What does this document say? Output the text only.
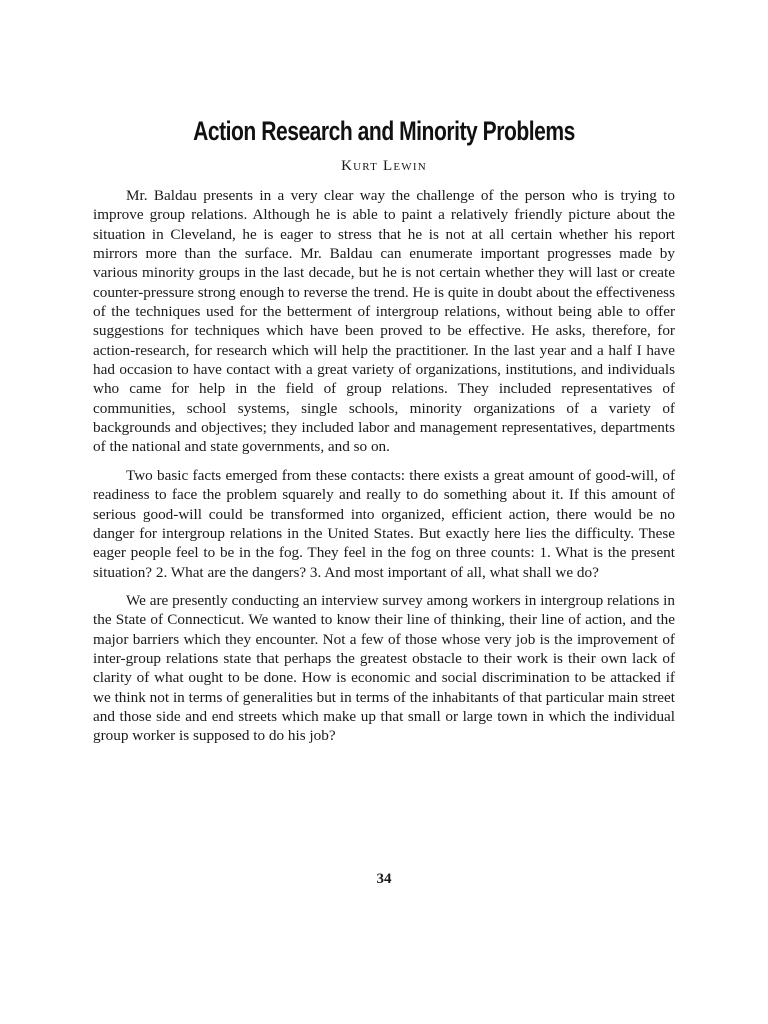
Action Research and Minority Problems
Kurt Lewin

Mr. Baldau presents in a very clear way the challenge of the person who is trying to improve group relations. Although he is able to paint a relatively friendly picture about the situation in Cleveland, he is eager to stress that he is not at all certain whether his report mirrors more than the surface. Mr. Baldau can enumerate important progresses made by various minority groups in the last decade, but he is not certain whether they will last or create counter-pressure strong enough to reverse the trend. He is quite in doubt about the effectiveness of the techniques used for the betterment of intergroup relations, without being able to offer suggestions for techniques which have been proved to be effective. He asks, therefore, for action-research, for research which will help the practitioner. In the last year and a half I have had occasion to have contact with a great variety of organizations, institutions, and individuals who came for help in the field of group relations. They included representatives of communities, school systems, single schools, minority organizations of a variety of backgrounds and objectives; they included labor and management representatives, departments of the national and state governments, and so on.

Two basic facts emerged from these contacts: there exists a great amount of good-will, of readiness to face the problem squarely and really to do something about it. If this amount of serious good-will could be transformed into organized, efficient action, there would be no danger for intergroup relations in the United States. But exactly here lies the difficulty. These eager people feel to be in the fog. They feel in the fog on three counts: 1. What is the present situation? 2. What are the dangers? 3. And most important of all, what shall we do?

We are presently conducting an interview survey among workers in intergroup relations in the State of Connecticut. We wanted to know their line of thinking, their line of action, and the major barriers which they encounter. Not a few of those whose very job is the improvement of inter-group relations state that perhaps the greatest obstacle to their work is their own lack of clarity of what ought to be done. How is economic and social discrimination to be attacked if we think not in terms of generalities but in terms of the inhabitants of that particular main street and those side and end streets which make up that small or large town in which the individual group worker is supposed to do his job?

34
